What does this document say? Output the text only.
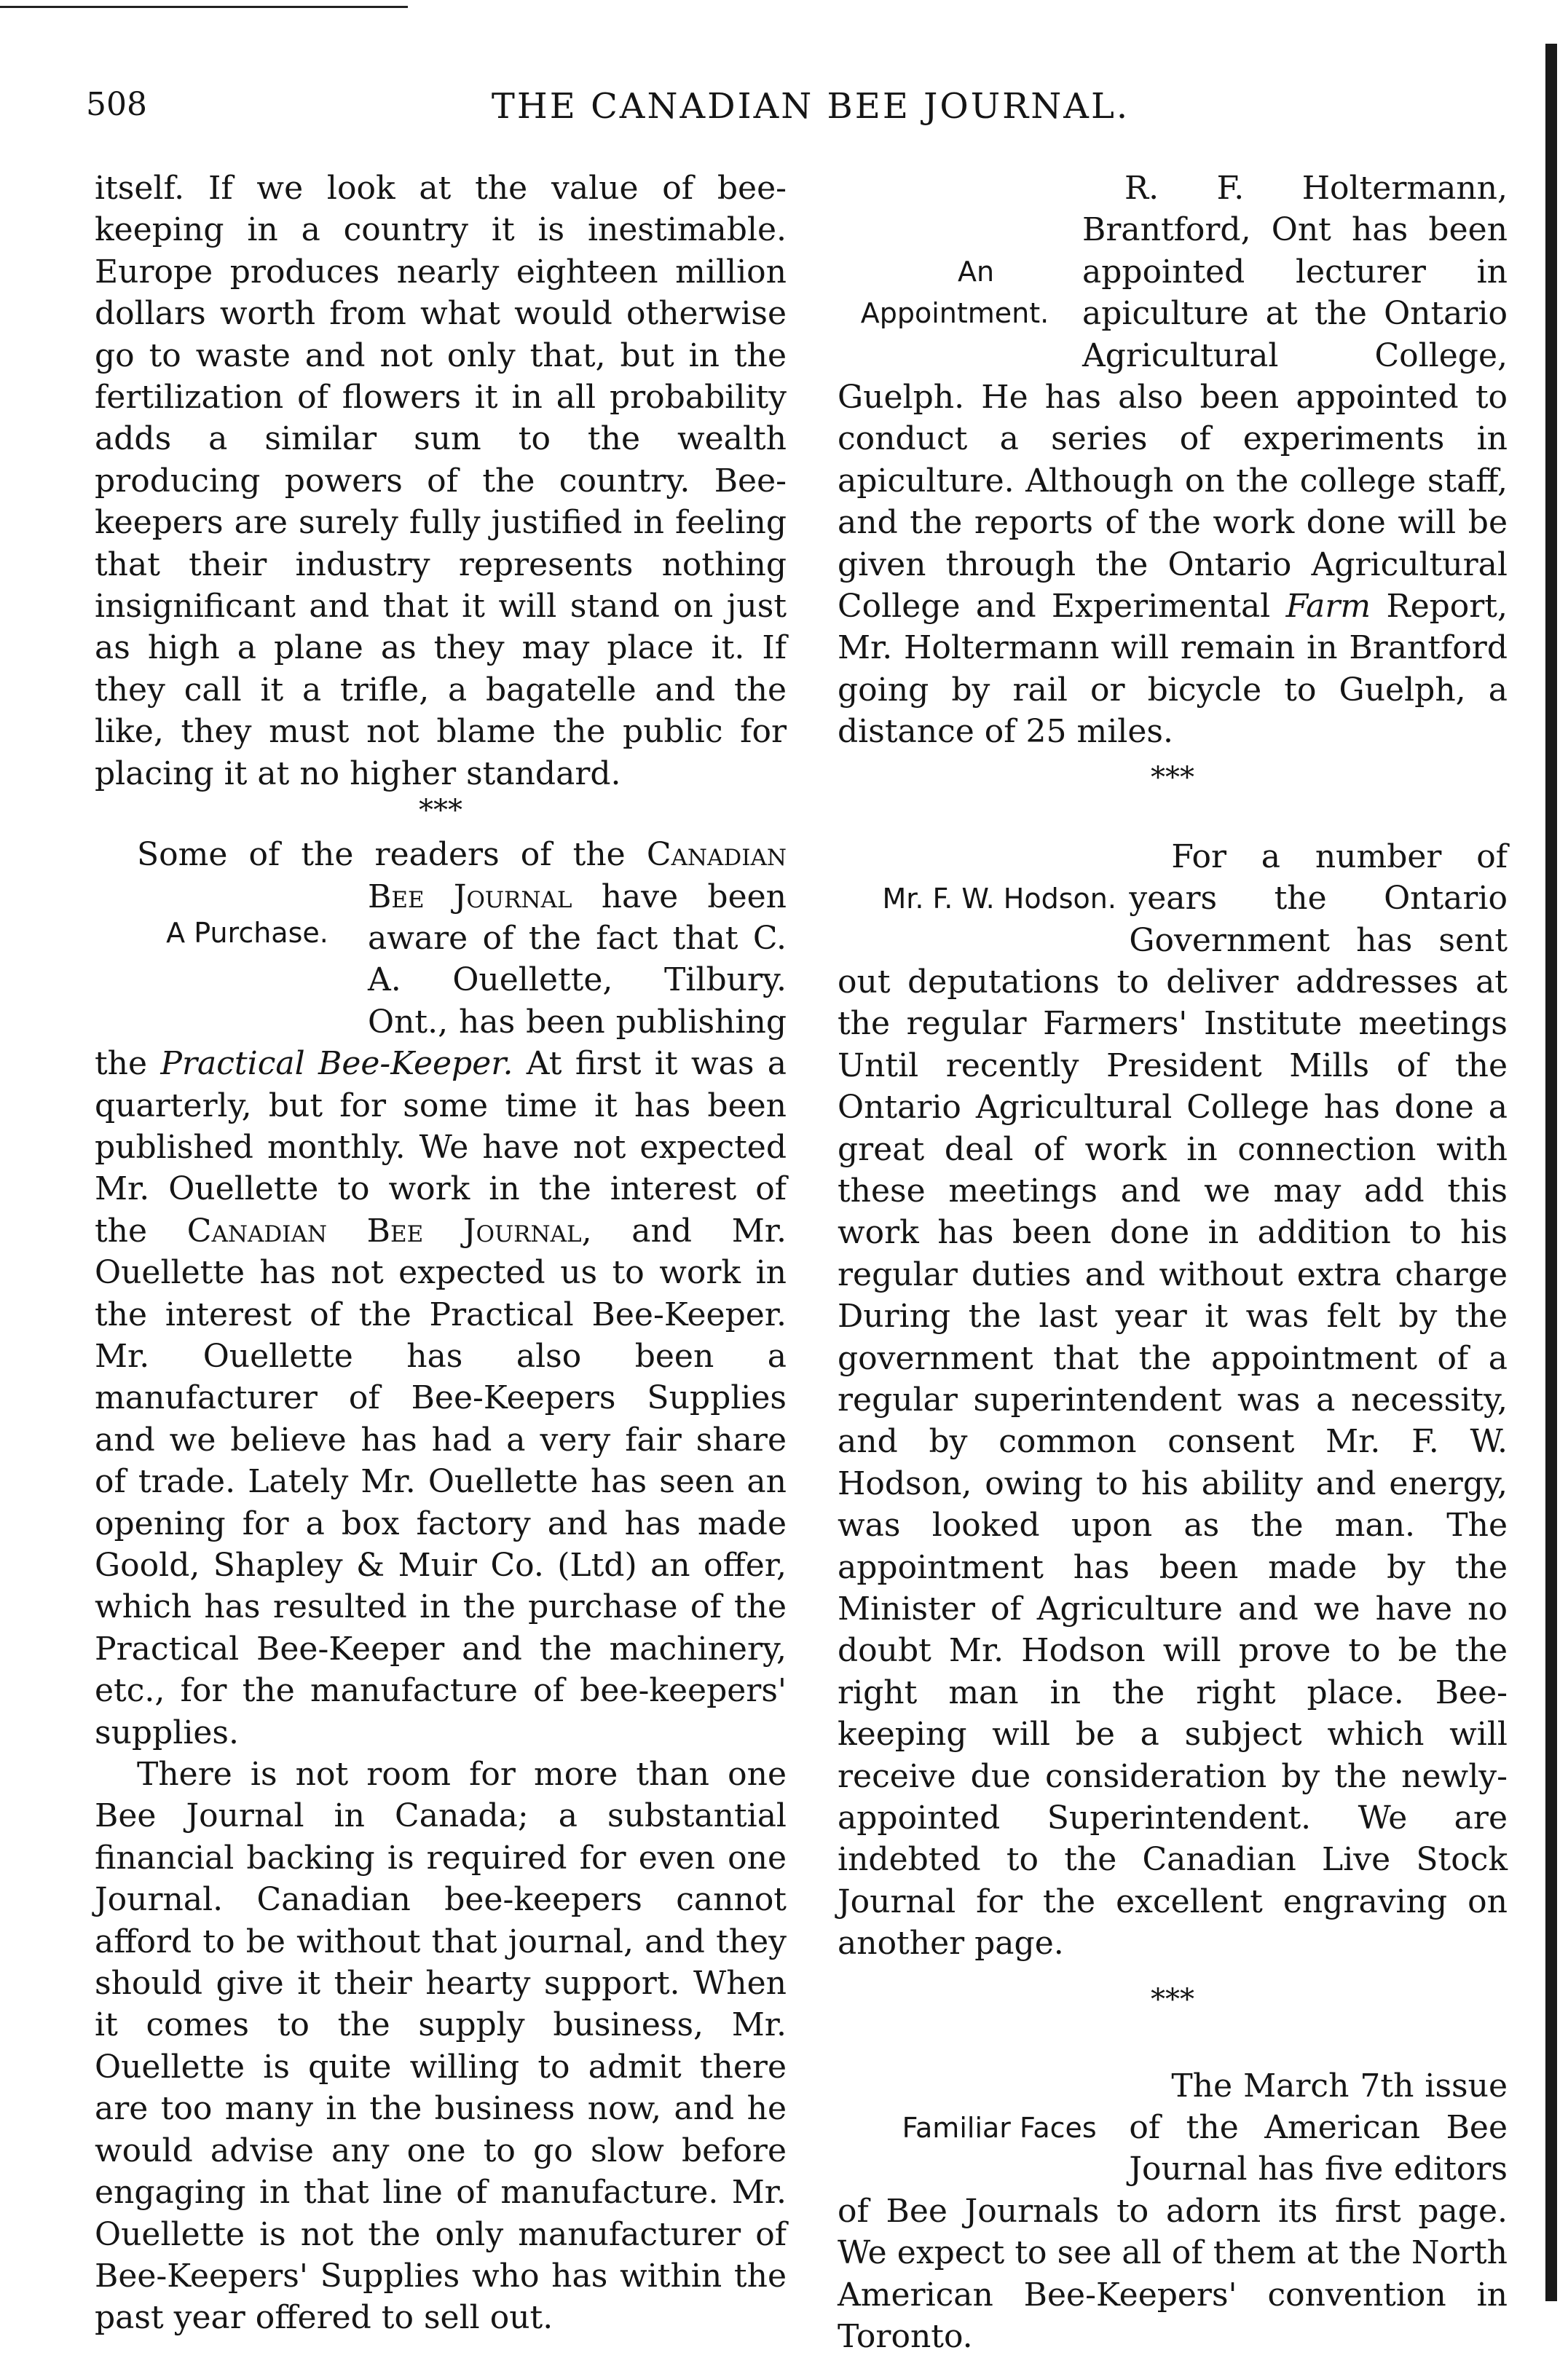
508	THE CANADIAN BEE JOURNAL.

itself. If we look at the value of bee-keeping in a country it is inestimable. Europe produces nearly eighteen million dollars worth from what would otherwise go to waste and not only that, but in the fertilization of flowers it in all probability adds a similar sum to the wealth producing powers of the country. Bee-keepers are surely fully justified in feeling that their industry represents nothing insignificant and that it will stand on just as high a plane as they may place it. If they call it a trifle, a bagatelle and the like, they must not blame the public for placing it at no higher standard.

***

Some of the readers of the Canadian Bee Journal
A Purchase.
have been aware of the fact that C. A. Ouellette, Tilbury. Ont., has been publishing the Practical Bee-Keeper. At first it was a quarterly, but for some time it has been published monthly. We have not expected Mr. Ouellette to work in the interest of the Canadian Bee Journal, and Mr. Ouellette has not expected us to work in the interest of the Practical Bee-Keeper. Mr. Ouellette has also been a manufacturer of Bee-Keepers Supplies and we believe has had a very fair share of trade. Lately Mr. Ouellette has seen an opening for a box factory and has made Goold, Shapley & Muir Co. (Ltd) an offer, which has resulted in the purchase of the Practical Bee-Keeper and the machinery, etc., for the manufacture of bee-keepers' supplies.

There is not room for more than one Bee Journal in Canada; a substantial financial backing is required for even one Journal. Canadian bee-keepers cannot afford to be without that journal, and they should give it their hearty support. When it comes to the supply business, Mr. Ouellette is quite willing to admit there are too many in the business now, and he would advise any one to go slow before engaging in that line of manufacture. Mr. Ouellette is not the only manufacturer of Bee-Keepers' Supplies who has within the past year offered to sell out.

An Appointment.
R. F. Holtermann, Brantford, Ont has been appointed lecturer in apiculture at the Ontario Agricultural College, Guelph. He has also been appointed to conduct a series of experiments in apiculture. Although on the college staff, and the reports of the work done will be given through the Ontario Agricultural College and Experimental Farm Report, Mr. Holtermann will remain in Brantford going by rail or bicycle to Guelph, a distance of 25 miles.

***

Mr. F. W. Hodson.
For a number of years the Ontario Government has sent out deputations to deliver addresses at the regular Farmers' Institute meetings Until recently President Mills of the Ontario Agricultural College has done a great deal of work in connection with these meetings and we may add this work has been done in addition to his regular duties and without extra charge During the last year it was felt by the government that the appointment of a regular superintendent was a necessity, and by common consent Mr. F. W. Hodson, owing to his ability and energy, was looked upon as the man. The appointment has been made by the Minister of Agriculture and we have no doubt Mr. Hodson will prove to be the right man in the right place. Bee-keeping will be a subject which will receive due consideration by the newly-appointed Superintendent. We are indebted to the Canadian Live Stock Journal for the excellent engraving on another page.

***

Familiar Faces
The March 7th issue of the American Bee Journal has five editors of Bee Journals to adorn its first page. We expect to see all of them at the North American Bee-Keepers' convention in Toronto.
